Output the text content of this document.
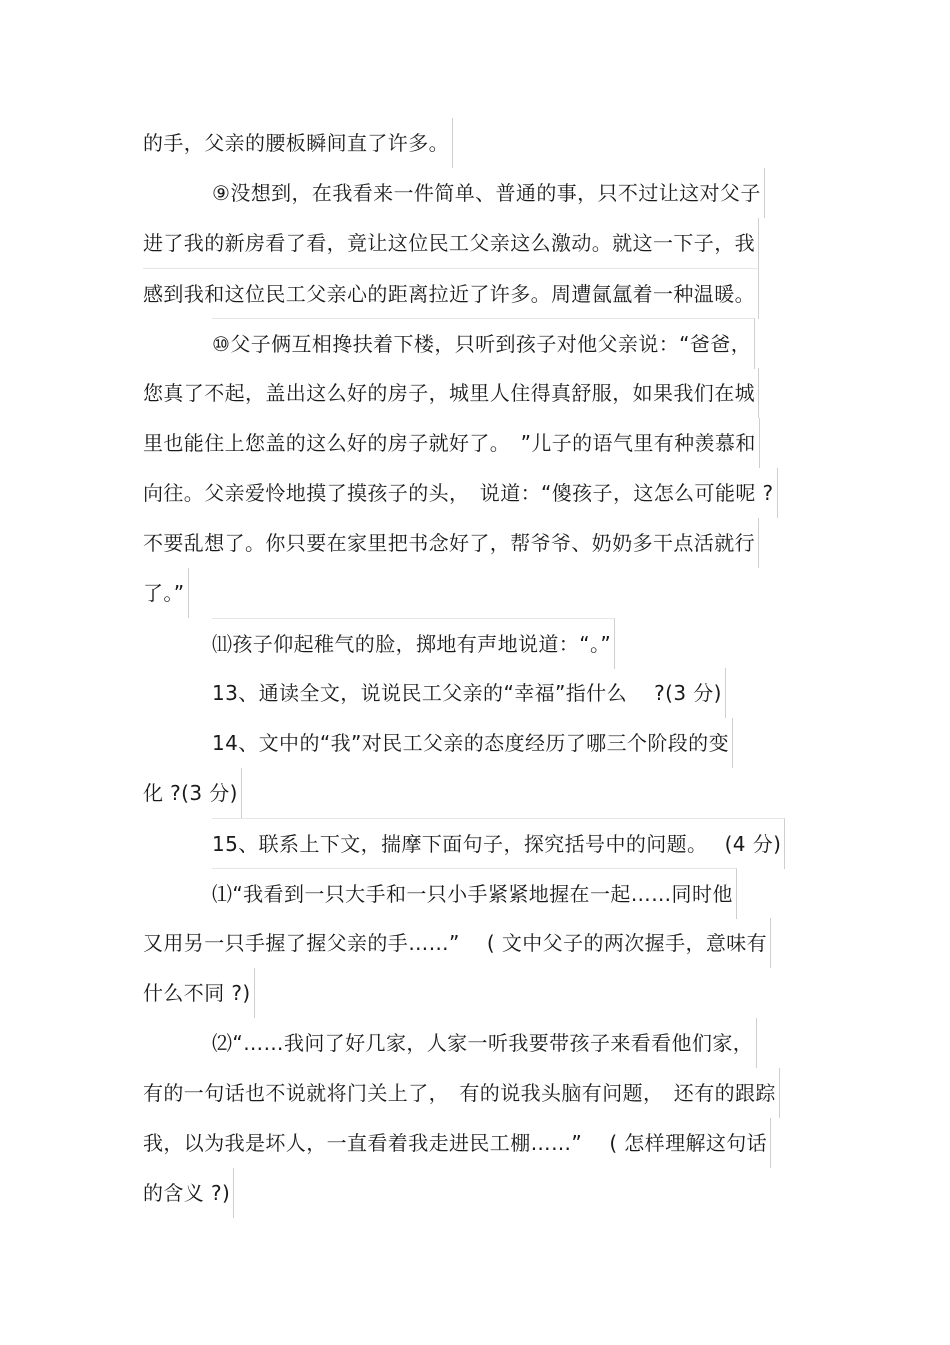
的手，父亲的腰板瞬间直了许多。
⑨没想到，在我看来一件简单、普通的事，只不过让这对父子
进了我的新房看了看，竟让这位民工父亲这么激动。就这一下子，我
感到我和这位民工父亲心的距离拉近了许多。周遭氤氲着一种温暖。
⑩父子俩互相搀扶着下楼，只听到孩子对他父亲说：“爸爸，
您真了不起，盖出这么好的房子，城里人住得真舒服，如果我们在城
里也能住上您盖的这么好的房子就好了。　”儿子的语气里有种羡慕和
向往。父亲爱怜地摸了摸孩子的头，　说道：“傻孩子，这怎么可能呢 ?
不要乱想了。你只要在家里把书念好了，帮爷爷、奶奶多干点活就行
了。”
⑾孩子仰起稚气的脸，掷地有声地说道：“。”
13、通读全文，说说民工父亲的“幸福”指什么　 ?(3 分)
14、文中的“我”对民工父亲的态度经历了哪三个阶段的变
化 ?(3 分)
15、联系上下文，揣摩下面句子，探究括号中的问题。　 (4 分)
⑴“我看到一只大手和一只小手紧紧地握在一起……同时他
又用另一只手握了握父亲的手……”　 ( 文中父子的两次握手，意味有
什么不同 ?)
⑵“……我问了好几家，人家一听我要带孩子来看看他们家，
有的一句话也不说就将门关上了，　有的说我头脑有问题，　还有的跟踪
我，以为我是坏人，一直看着我走进民工棚……”　 ( 怎样理解这句话
的含义 ?)
